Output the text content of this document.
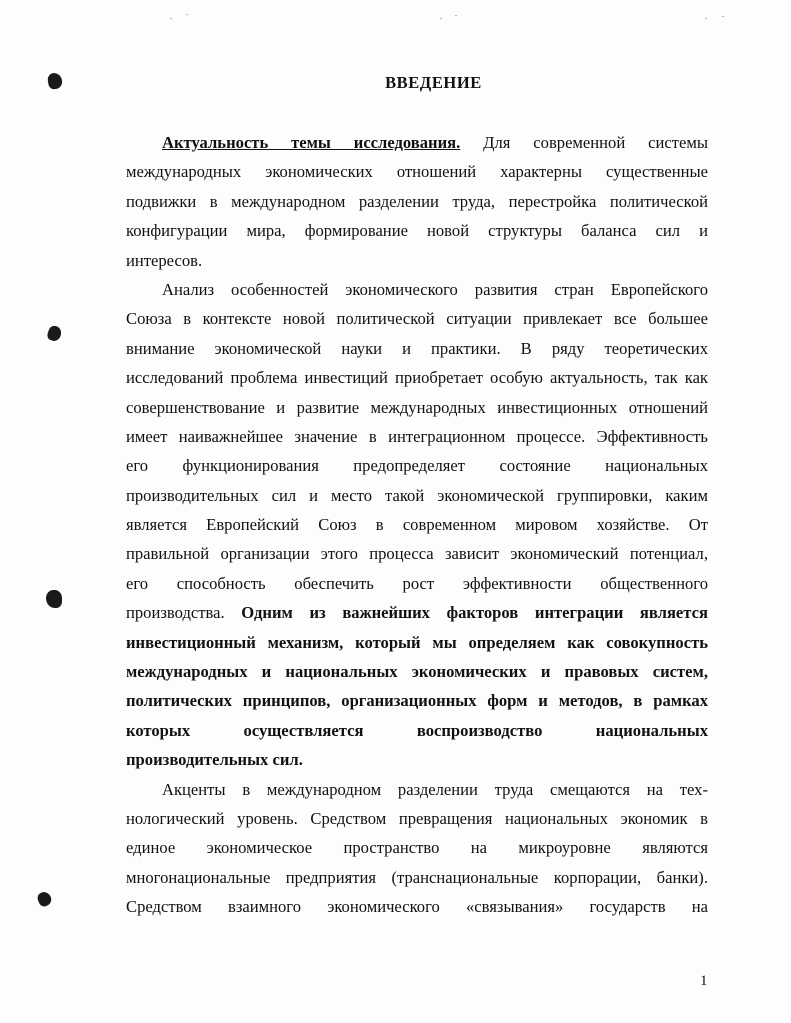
ВВЕДЕНИЕ
Актуальность темы исследования. Для современной системы
международных экономических отношений характерны существенные
подвижки в международном разделении труда, перестройка политической
конфигурации мира, формирование новой структуры баланса сил и
интересов.
Анализ особенностей экономического развития стран Европейского
Союза в контексте новой политической ситуации привлекает все большее
внимание экономической науки и практики. В ряду теоретических
исследований проблема инвестиций приобретает особую актуальность, так как
совершенствование и развитие международных инвестиционных отношений
имеет наиважнейшее значение в интеграционном процессе. Эффективность
его функционирования предопределяет состояние национальных
производительных сил и место такой экономической группировки, каким
является Европейский Союз в современном мировом хозяйстве. От
правильной организации этого процесса зависит экономический потенциал,
его способность обеспечить рост эффективности общественного
производства. Одним из важнейших факторов интеграции является
инвестиционный механизм, который мы определяем как совокупность
международных и национальных экономических и правовых систем,
политических принципов, организационных форм и методов, в рамках
которых осуществляется воспроизводство национальных
производительных сил.
Акценты в международном разделении труда смещаются на тех-
нологический уровень. Средством превращения национальных экономик в
единое экономическое пространство на микроуровне являются
многонациональные предприятия (транснациональные корпорации, банки).
Средством взаимного экономического «связывания» государств на
1
